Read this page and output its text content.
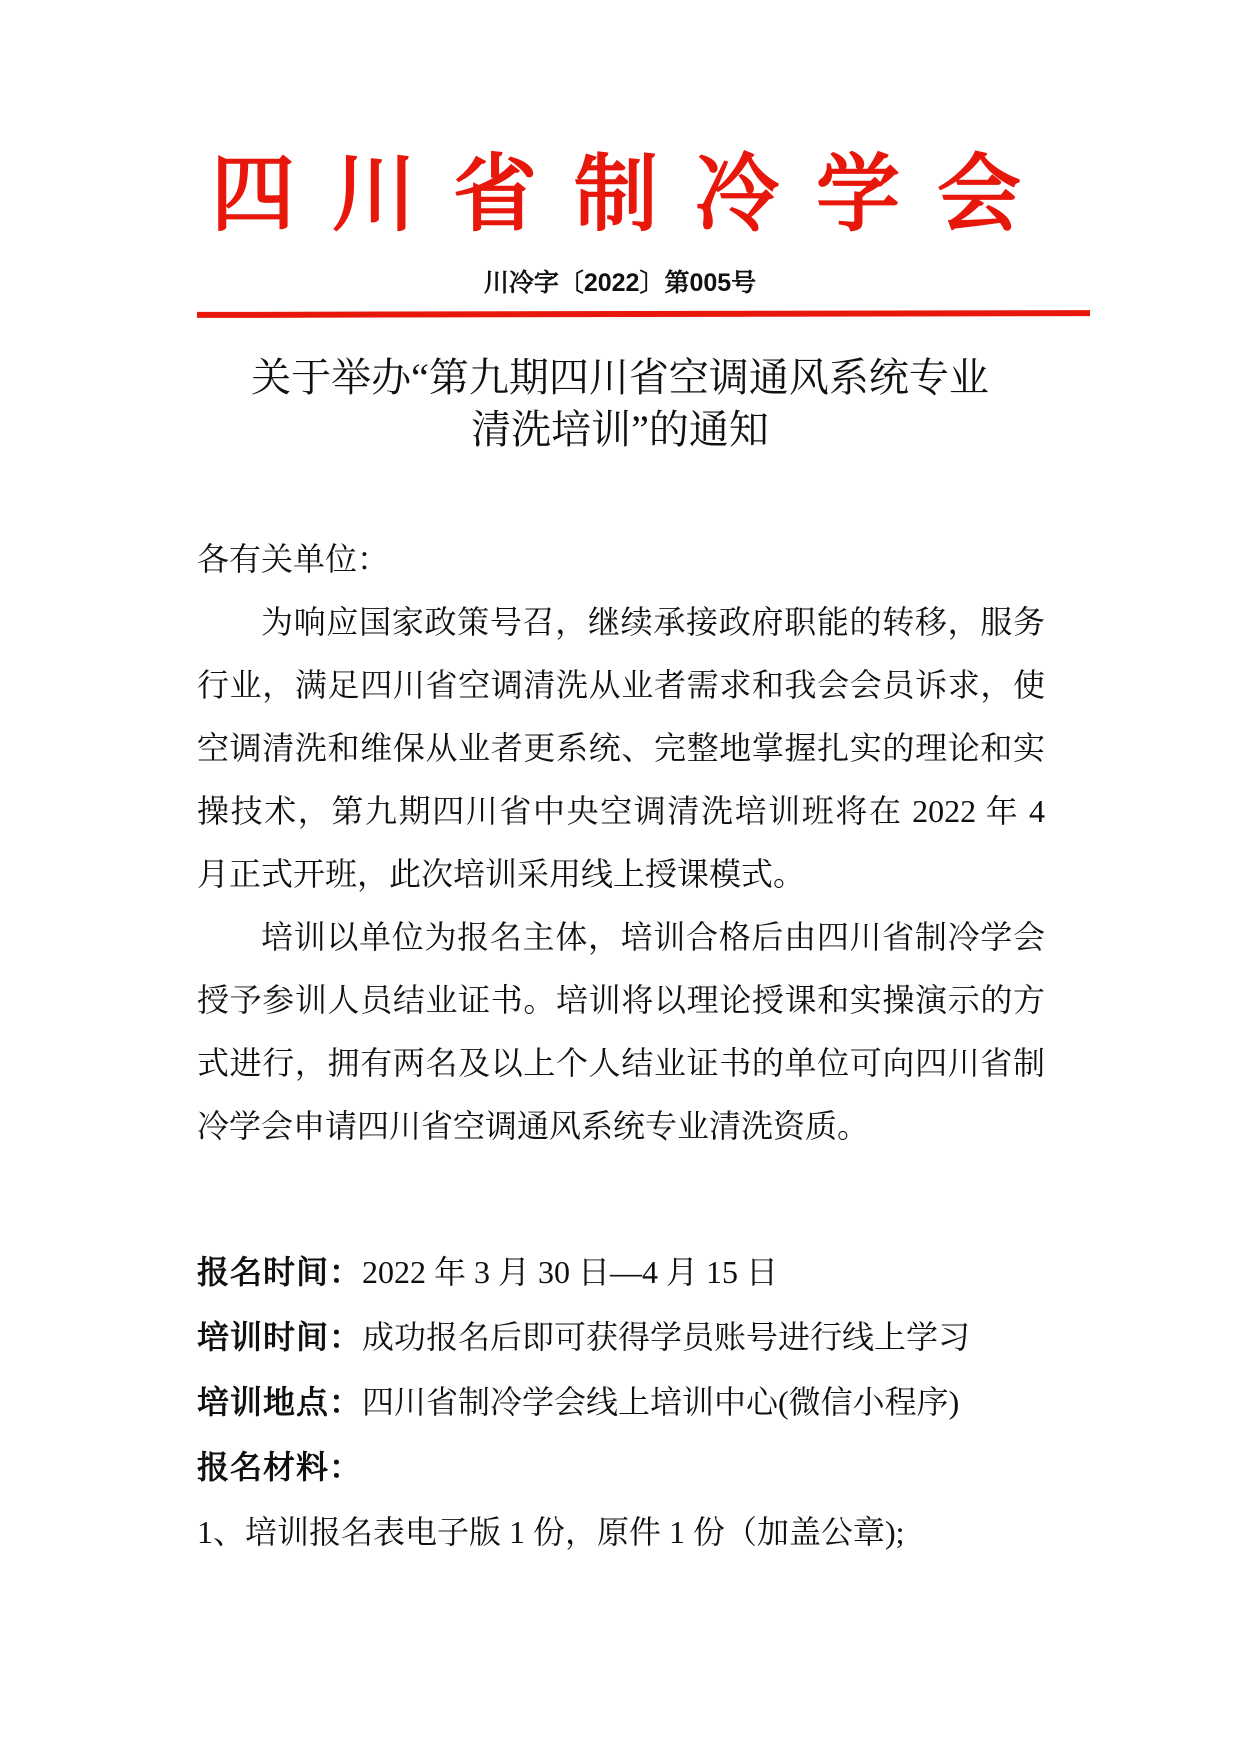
四 川 省 制 冷 学 会
川冷字〔2022〕第005号
关于举办“第九期四川省空调通风系统专业
清洗培训”的通知
各有关单位：
为响应国家政策号召，继续承接政府职能的转移，服务
行业，满足四川省空调清洗从业者需求和我会会员诉求，使
空调清洗和维保从业者更系统、完整地掌握扎实的理论和实
操技术，第九期四川省中央空调清洗培训班将在 2022 年 4
月正式开班，此次培训采用线上授课模式。
培训以单位为报名主体，培训合格后由四川省制冷学会
授予参训人员结业证书。培训将以理论授课和实操演示的方
式进行，拥有两名及以上个人结业证书的单位可向四川省制
冷学会申请四川省空调通风系统专业清洗资质。
报名时间：2022 年 3 月 30 日—4 月 15 日
培训时间：成功报名后即可获得学员账号进行线上学习
培训地点：四川省制冷学会线上培训中心(微信小程序)
报名材料：
1、培训报名表电子版 1 份，原件 1 份（加盖公章);
